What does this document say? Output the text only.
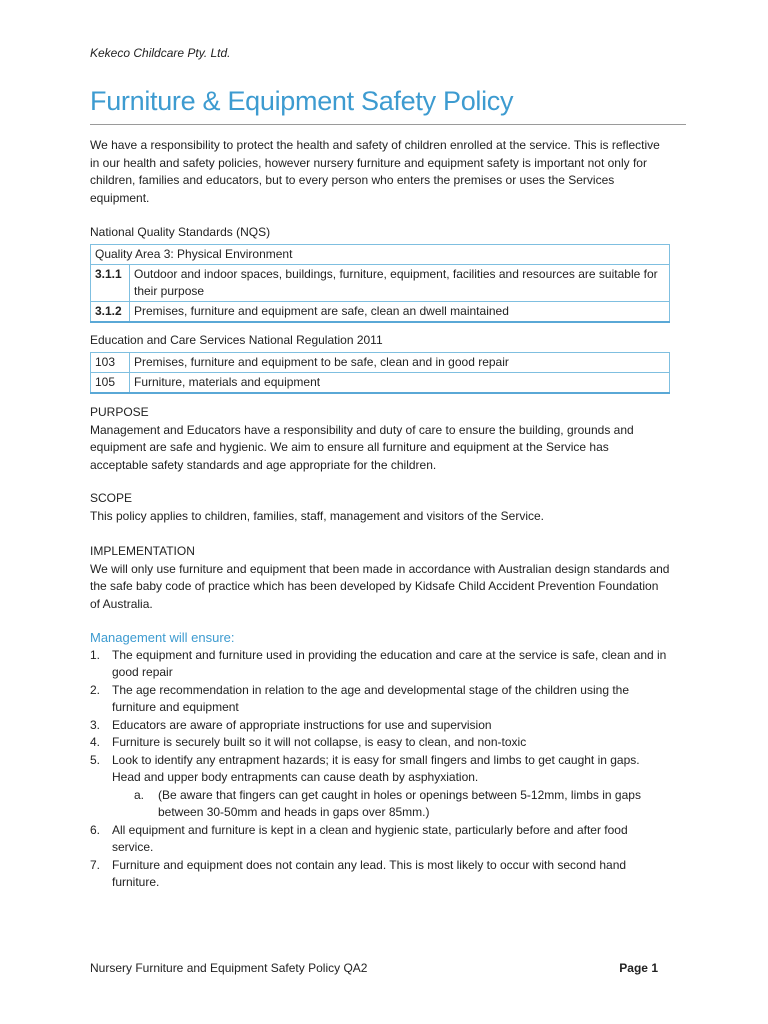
Kekeco Childcare Pty. Ltd.
Furniture & Equipment Safety Policy
We have a responsibility to protect the health and safety of children enrolled at the service. This is reflective in our health and safety policies, however nursery furniture and equipment safety is important not only for children, families and educators, but to every person who enters the premises or uses the Services equipment.
National Quality Standards (NQS)
Quality Area 3: Physical Environment	
3.1.1	Outdoor and indoor spaces, buildings, furniture, equipment, facilities and resources are suitable for their purpose
3.1.2	Premises, furniture and equipment are safe, clean an dwell maintained
Education and Care Services National Regulation 2011
103	Premises, furniture and equipment to be safe, clean and in good repair
105	Furniture, materials and equipment
PURPOSE
Management and Educators have a responsibility and duty of care to ensure the building, grounds and equipment are safe and hygienic. We aim to ensure all furniture and equipment at the Service has acceptable safety standards and age appropriate for the children.
SCOPE
This policy applies to children, families, staff, management and visitors of the Service.
IMPLEMENTATION
We will only use furniture and equipment that been made in accordance with Australian design standards and the safe baby code of practice which has been developed by Kidsafe Child Accident Prevention Foundation of Australia.
Management will ensure:
1. The equipment and furniture used in providing the education and care at the service is safe, clean and in good repair
2. The age recommendation in relation to the age and developmental stage of the children using the furniture and equipment
3. Educators are aware of appropriate instructions for use and supervision
4. Furniture is securely built so it will not collapse, is easy to clean, and non-toxic
5. Look to identify any entrapment hazards; it is easy for small fingers and limbs to get caught in gaps. Head and upper body entrapments can cause death by asphyxiation.
a. (Be aware that fingers can get caught in holes or openings between 5-12mm, limbs in gaps between 30-50mm and heads in gaps over 85mm.)
6. All equipment and furniture is kept in a clean and hygienic state, particularly before and after food service.
7. Furniture and equipment does not contain any lead. This is most likely to occur with second hand furniture.
Nursery Furniture and Equipment Safety Policy QA2	Page 1
